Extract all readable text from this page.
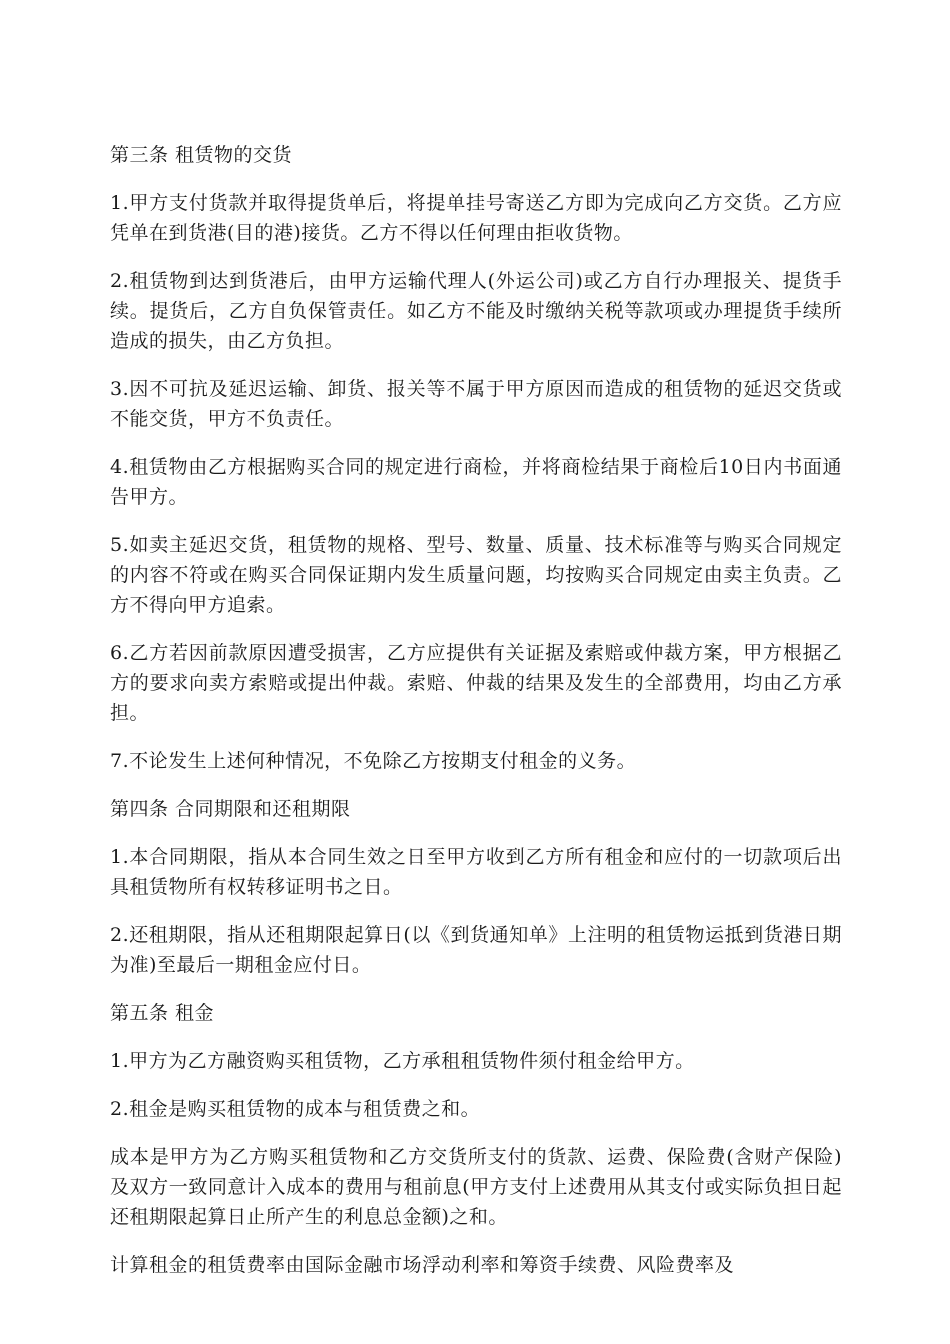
第三条 租赁物的交货
1.甲方支付货款并取得提货单后，将提单挂号寄送乙方即为完成向乙方交货。乙方应凭单在到货港(目的港)接货。乙方不得以任何理由拒收货物。
2.租赁物到达到货港后，由甲方运输代理人(外运公司)或乙方自行办理报关、提货手续。提货后，乙方自负保管责任。如乙方不能及时缴纳关税等款项或办理提货手续所造成的损失，由乙方负担。
3.因不可抗及延迟运输、卸货、报关等不属于甲方原因而造成的租赁物的延迟交货或不能交货，甲方不负责任。
4.租赁物由乙方根据购买合同的规定进行商检，并将商检结果于商检后10日内书面通告甲方。
5.如卖主延迟交货，租赁物的规格、型号、数量、质量、技术标准等与购买合同规定的内容不符或在购买合同保证期内发生质量问题，均按购买合同规定由卖主负责。乙方不得向甲方追索。
6.乙方若因前款原因遭受损害，乙方应提供有关证据及索赔或仲裁方案，甲方根据乙方的要求向卖方索赔或提出仲裁。索赔、仲裁的结果及发生的全部费用，均由乙方承担。
7.不论发生上述何种情况，不免除乙方按期支付租金的义务。
第四条 合同期限和还租期限
1.本合同期限，指从本合同生效之日至甲方收到乙方所有租金和应付的一切款项后出具租赁物所有权转移证明书之日。
2.还租期限，指从还租期限起算日(以《到货通知单》上注明的租赁物运抵到货港日期为准)至最后一期租金应付日。
第五条 租金
1.甲方为乙方融资购买租赁物，乙方承租租赁物件须付租金给甲方。
2.租金是购买租赁物的成本与租赁费之和。
成本是甲方为乙方购买租赁物和乙方交货所支付的货款、运费、保险费(含财产保险)及双方一致同意计入成本的费用与租前息(甲方支付上述费用从其支付或实际负担日起还租期限起算日止所产生的利息总金额)之和。
计算租金的租赁费率由国际金融市场浮动利率和筹资手续费、风险费率及
